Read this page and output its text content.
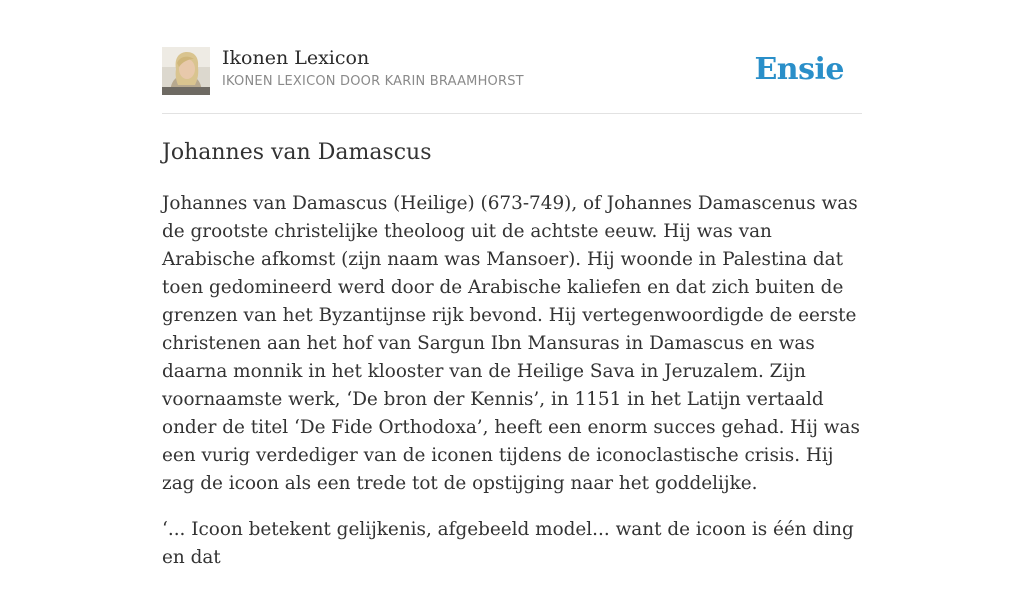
Ikonen Lexicon
IKONEN LEXICON DOOR KARIN BRAAMHORST	Ensie
Johannes van Damascus

Johannes van Damascus (Heilige) (673-749), of Johannes Damascenus was de grootste christelijke theoloog uit de achtste eeuw. Hij was van Arabische afkomst (zijn naam was Mansoer). Hij woonde in Palestina dat toen gedomineerd werd door de Arabische kaliefen en dat zich buiten de grenzen van het Byzantijnse rijk bevond. Hij vertegenwoordigde de eerste christenen aan het hof van Sargun Ibn Mansuras in Damascus en was daarna monnik in het klooster van de Heilige Sava in Jeruzalem. Zijn voornaamste werk, ‘De bron der Kennis’, in 1151 in het Latijn vertaald onder de titel ‘De Fide Orthodoxa’, heeft een enorm succes gehad. Hij was een vurig verdediger van de iconen tijdens de iconoclastische crisis. Hij zag de icoon als een trede tot de opstijging naar het goddelijke.

‘... Icoon betekent gelijkenis, afgebeeld model... want de icoon is één ding en dat
